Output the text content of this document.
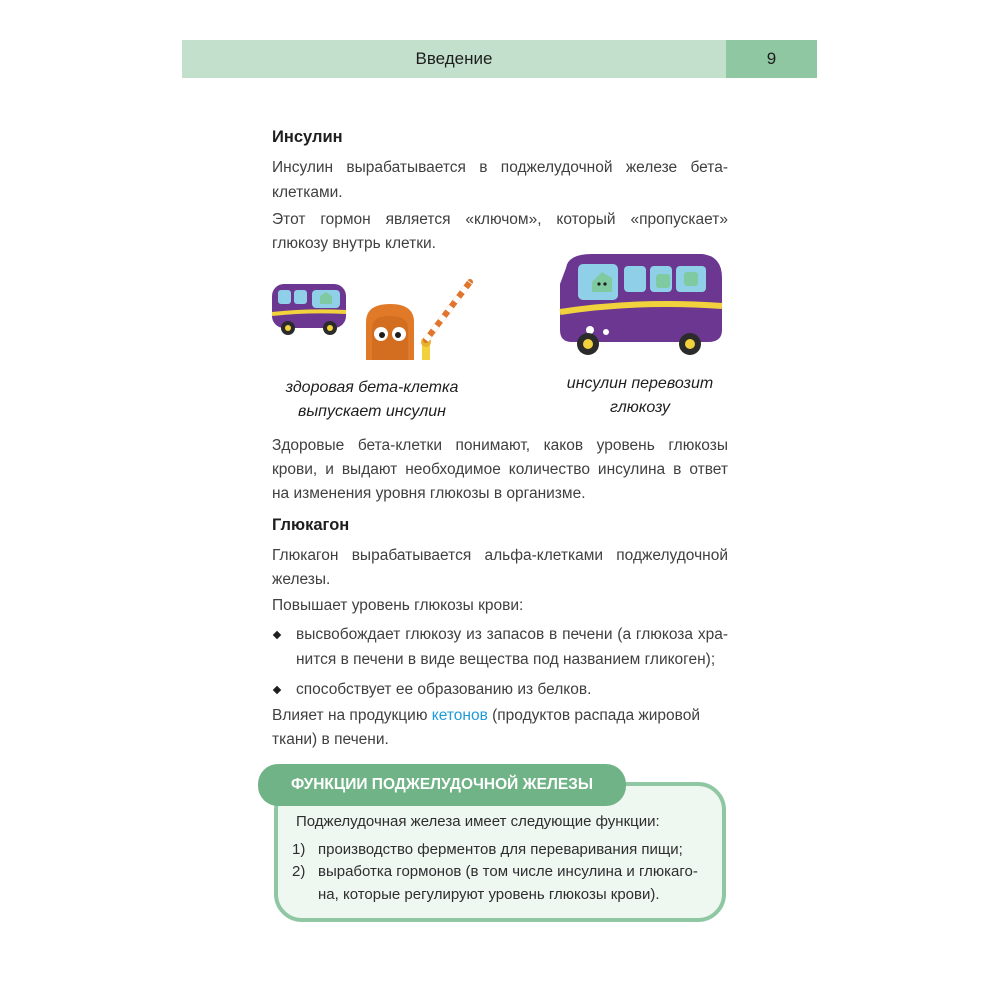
Введение	9
Инсулин
Инсулин вырабатывается в поджелудочной железе бета-
клетками.
Этот гормон является «ключом», который «пропускает»
глюкозу внутрь клетки.
здоровая бета-клетка
выпускает инсулин
инсулин перевозит
глюкозу
Здоровые бета-клетки понимают, каков уровень глюкозы
крови, и выдают необходимое количество инсулина в ответ
на изменения уровня глюкозы в организме.
Глюкагон
Глюкагон вырабатывается альфа-клетками поджелудочной
железы.
Повышает уровень глюкозы крови:
высвобождает глюкозу из запасов в печени (а глюкоза хра-
нится в печени в виде вещества под названием гликоген);
способствует ее образованию из белков.
Влияет на продукцию кетонов (продуктов распада жировой
ткани) в печени.
ФУНКЦИИ ПОДЖЕЛУДОЧНОЙ ЖЕЛЕЗЫ
Поджелудочная железа имеет следующие функции:
1) производство ферментов для переваривания пищи;
2) выработка гормонов (в том числе инсулина и глюкаго-
на, которые регулируют уровень глюкозы крови).
